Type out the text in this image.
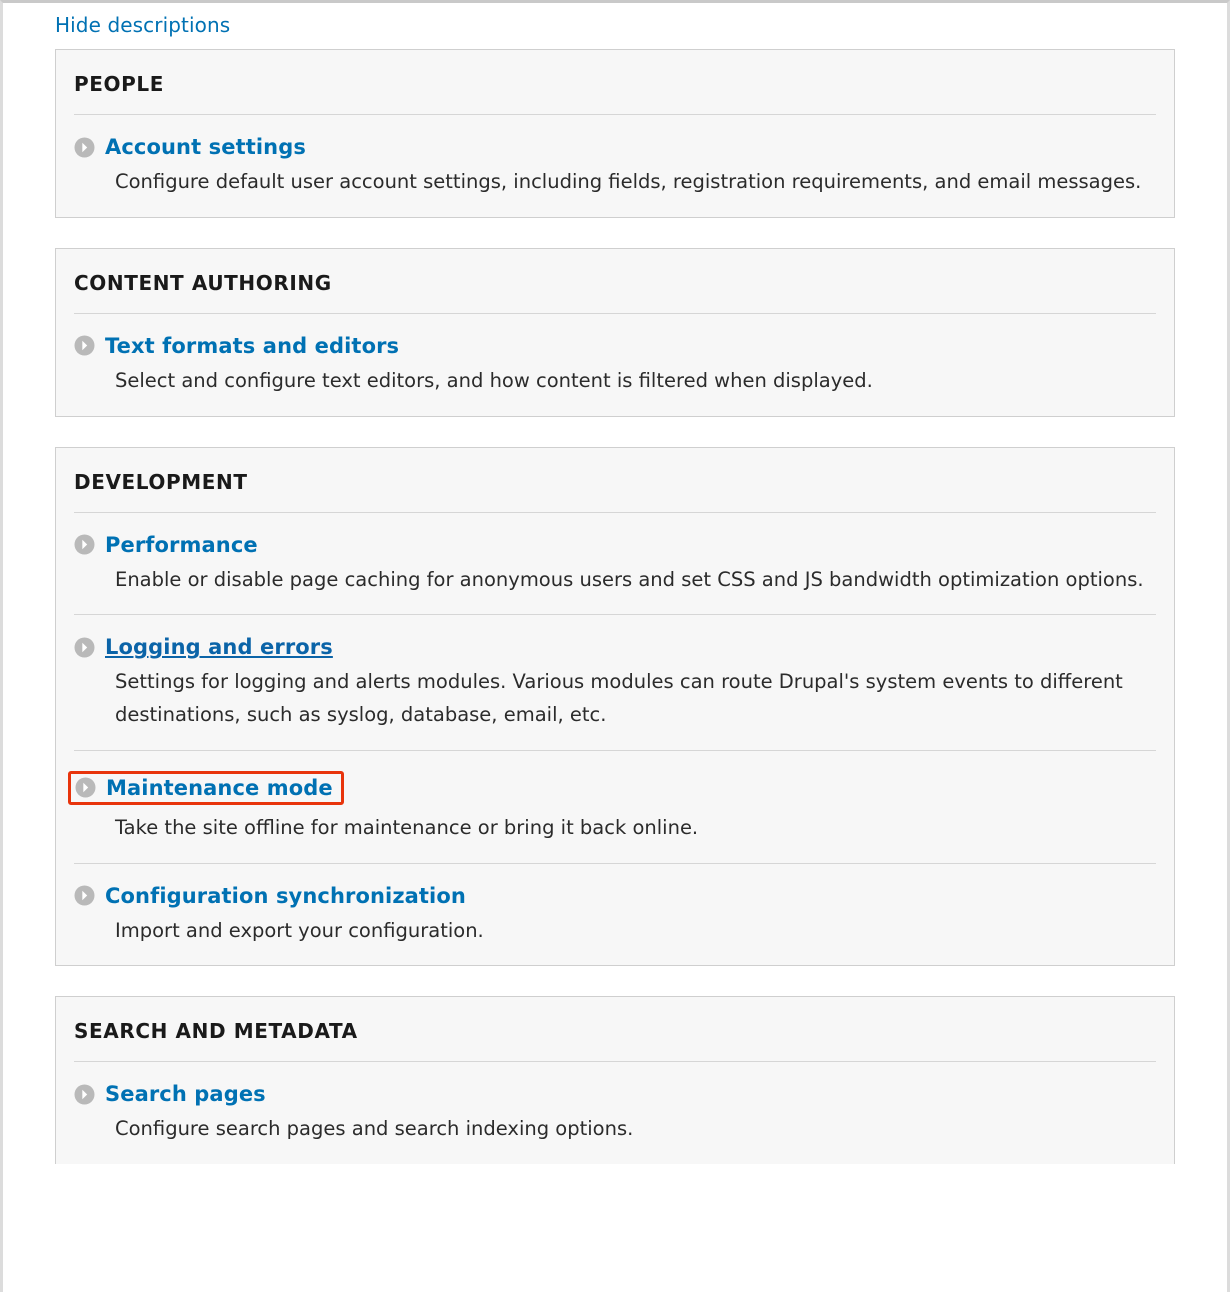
Hide descriptions
PEOPLE
Account settings
Configure default user account settings, including fields, registration requirements, and email messages.
CONTENT AUTHORING
Text formats and editors
Select and configure text editors, and how content is filtered when displayed.
DEVELOPMENT
Performance
Enable or disable page caching for anonymous users and set CSS and JS bandwidth optimization options.
Logging and errors
Settings for logging and alerts modules. Various modules can route Drupal's system events to different destinations, such as syslog, database, email, etc.
Maintenance mode
Take the site offline for maintenance or bring it back online.
Configuration synchronization
Import and export your configuration.
SEARCH AND METADATA
Search pages
Configure search pages and search indexing options.
